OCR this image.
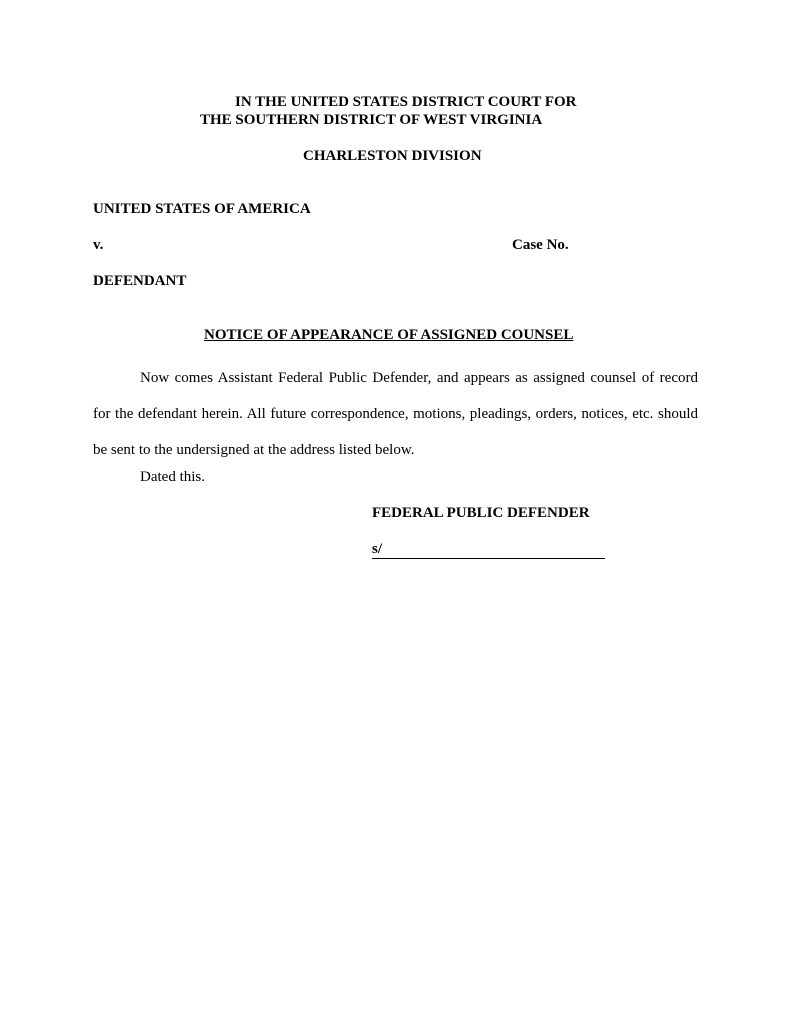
IN THE UNITED STATES DISTRICT COURT FOR
THE SOUTHERN DISTRICT OF WEST VIRGINIA
CHARLESTON DIVISION
UNITED STATES OF AMERICA
v.	Case No.
DEFENDANT
NOTICE OF APPEARANCE OF ASSIGNED COUNSEL
Now comes Assistant Federal Public Defender, and appears as assigned counsel of record for the defendant herein. All future correspondence, motions, pleadings, orders, notices, etc. should be sent to the undersigned at the address listed below.
Dated this.
FEDERAL PUBLIC DEFENDER
s/
